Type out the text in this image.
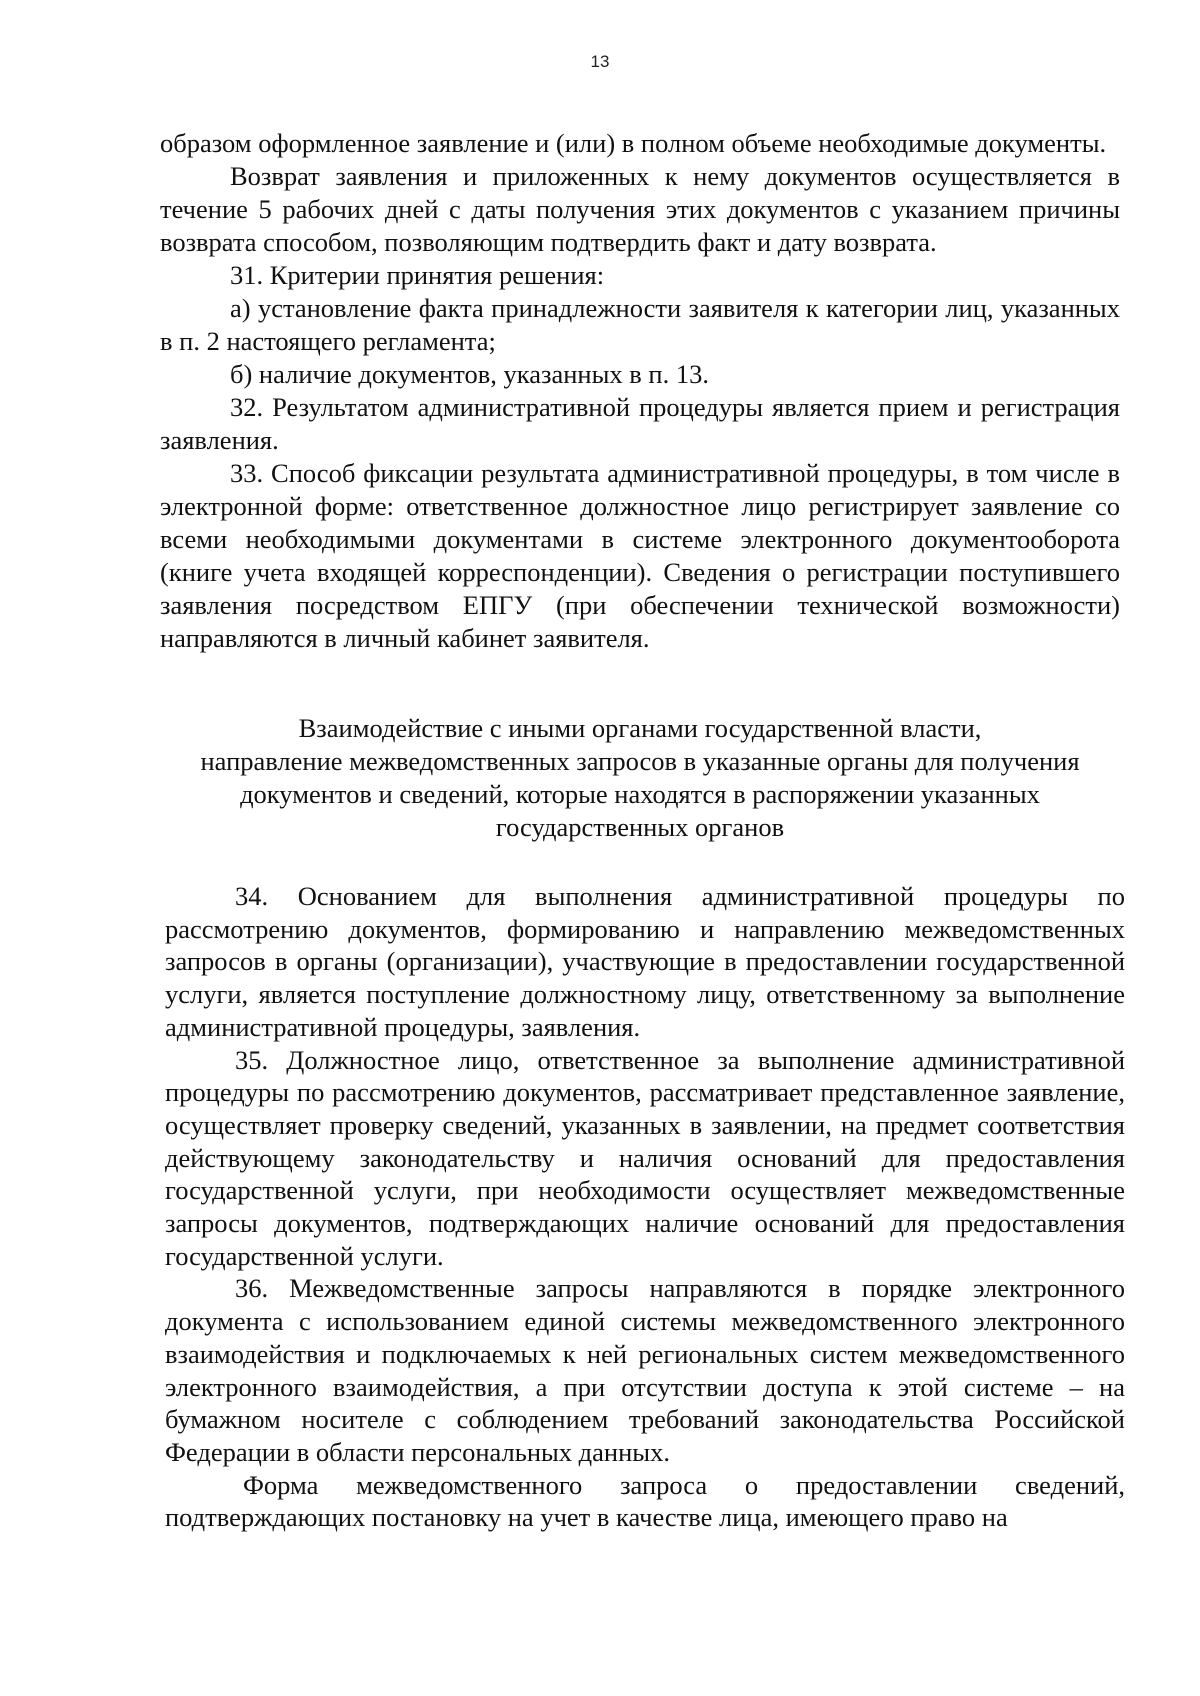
13

образом оформленное заявление и (или) в полном объеме необходимые документы.

Возврат заявления и приложенных к нему документов осуществляется в течение 5 рабочих дней с даты получения этих документов с указанием причины возврата способом, позволяющим подтвердить факт и дату возврата.

31. Критерии принятия решения:

а) установление факта принадлежности заявителя к категории лиц, указанных в п. 2 настоящего регламента;

б) наличие документов, указанных в п. 13.

32. Результатом административной процедуры является прием и регистрация заявления.

33. Способ фиксации результата административной процедуры, в том числе в электронной форме: ответственное должностное лицо регистрирует заявление со всеми необходимыми документами в системе электронного документооборота (книге учета входящей корреспонденции). Сведения о регистрации поступившего заявления посредством ЕПГУ (при обеспечении технической возможности) направляются в личный кабинет заявителя.

Взаимодействие с иными органами государственной власти,

направление межведомственных запросов в указанные органы для получения

документов и сведений, которые находятся в распоряжении указанных

государственных органов

34. Основанием для выполнения административной процедуры по рассмотрению документов, формированию и направлению межведомственных запросов в органы (организации), участвующие в предоставлении государственной услуги, является поступление должностному лицу, ответственному за выполнение административной процедуры, заявления.

35. Должностное лицо, ответственное за выполнение административной процедуры по рассмотрению документов, рассматривает представленное заявление, осуществляет проверку сведений, указанных в заявлении, на предмет соответствия действующему законодательству и наличия оснований для предоставления государственной услуги, при необходимости осуществляет межведомственные запросы документов, подтверждающих наличие оснований для предоставления государственной услуги.

36. Межведомственные запросы направляются в порядке электронного документа с использованием единой системы межведомственного электронного взаимодействия и подключаемых к ней региональных систем межведомственного электронного взаимодействия, а при отсутствии доступа к этой системе – на бумажном носителе с соблюдением требований законодательства Российской Федерации в области персональных данных.

Форма межведомственного запроса о предоставлении сведений, подтверждающих постановку на учет в качестве лица, имеющего право на
